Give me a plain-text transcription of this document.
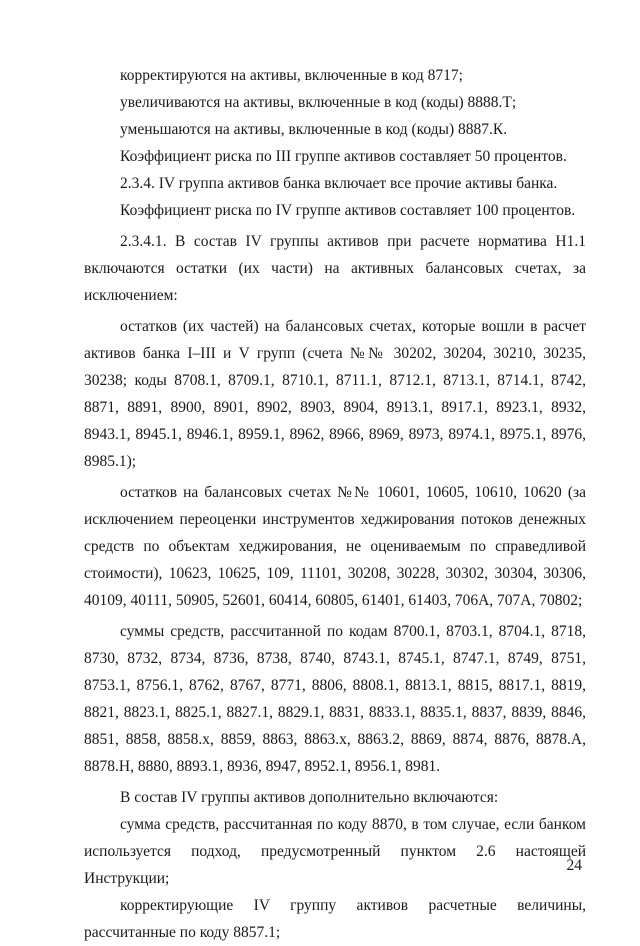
корректируются на активы, включенные в код 8717;

увеличиваются на активы, включенные в код (коды) 8888.Т;

уменьшаются на активы, включенные в код (коды) 8887.К.

Коэффициент риска по III группе активов составляет 50 процентов.

2.3.4. IV группа активов банка включает все прочие активы банка.

Коэффициент риска по IV группе активов составляет 100 процентов.

2.3.4.1. В состав IV группы активов при расчете норматива Н1.1 включаются остатки (их части) на активных балансовых счетах, за исключением:

остатков (их частей) на балансовых счетах, которые вошли в расчет активов банка I–III и V групп (счета №№ 30202, 30204, 30210, 30235, 30238; коды 8708.1, 8709.1, 8710.1, 8711.1, 8712.1, 8713.1, 8714.1, 8742, 8871, 8891, 8900, 8901, 8902, 8903, 8904, 8913.1, 8917.1, 8923.1, 8932, 8943.1, 8945.1, 8946.1, 8959.1, 8962, 8966, 8969, 8973, 8974.1, 8975.1, 8976, 8985.1);

остатков на балансовых счетах №№ 10601, 10605, 10610, 10620 (за исключением переоценки инструментов хеджирования потоков денежных средств по объектам хеджирования, не оцениваемым по справедливой стоимости), 10623, 10625, 109, 11101, 30208, 30228, 30302, 30304, 30306, 40109, 40111, 50905, 52601, 60414, 60805, 61401, 61403, 706А, 707А, 70802;

суммы средств, рассчитанной по кодам 8700.1, 8703.1, 8704.1, 8718, 8730, 8732, 8734, 8736, 8738, 8740, 8743.1, 8745.1, 8747.1, 8749, 8751, 8753.1, 8756.1, 8762, 8767, 8771, 8806, 8808.1, 8813.1, 8815, 8817.1, 8819, 8821, 8823.1, 8825.1, 8827.1, 8829.1, 8831, 8833.1, 8835.1, 8837, 8839, 8846, 8851, 8858, 8858.х, 8859, 8863, 8863.х, 8863.2, 8869, 8874, 8876, 8878.А, 8878.Н, 8880, 8893.1, 8936, 8947, 8952.1, 8956.1, 8981.

В состав IV группы активов дополнительно включаются:

сумма средств, рассчитанная по коду 8870, в том случае, если банком используется подход, предусмотренный пунктом 2.6 настоящей Инструкции;

корректирующие IV группу активов расчетные величины, рассчитанные по коду 8857.1;

24
